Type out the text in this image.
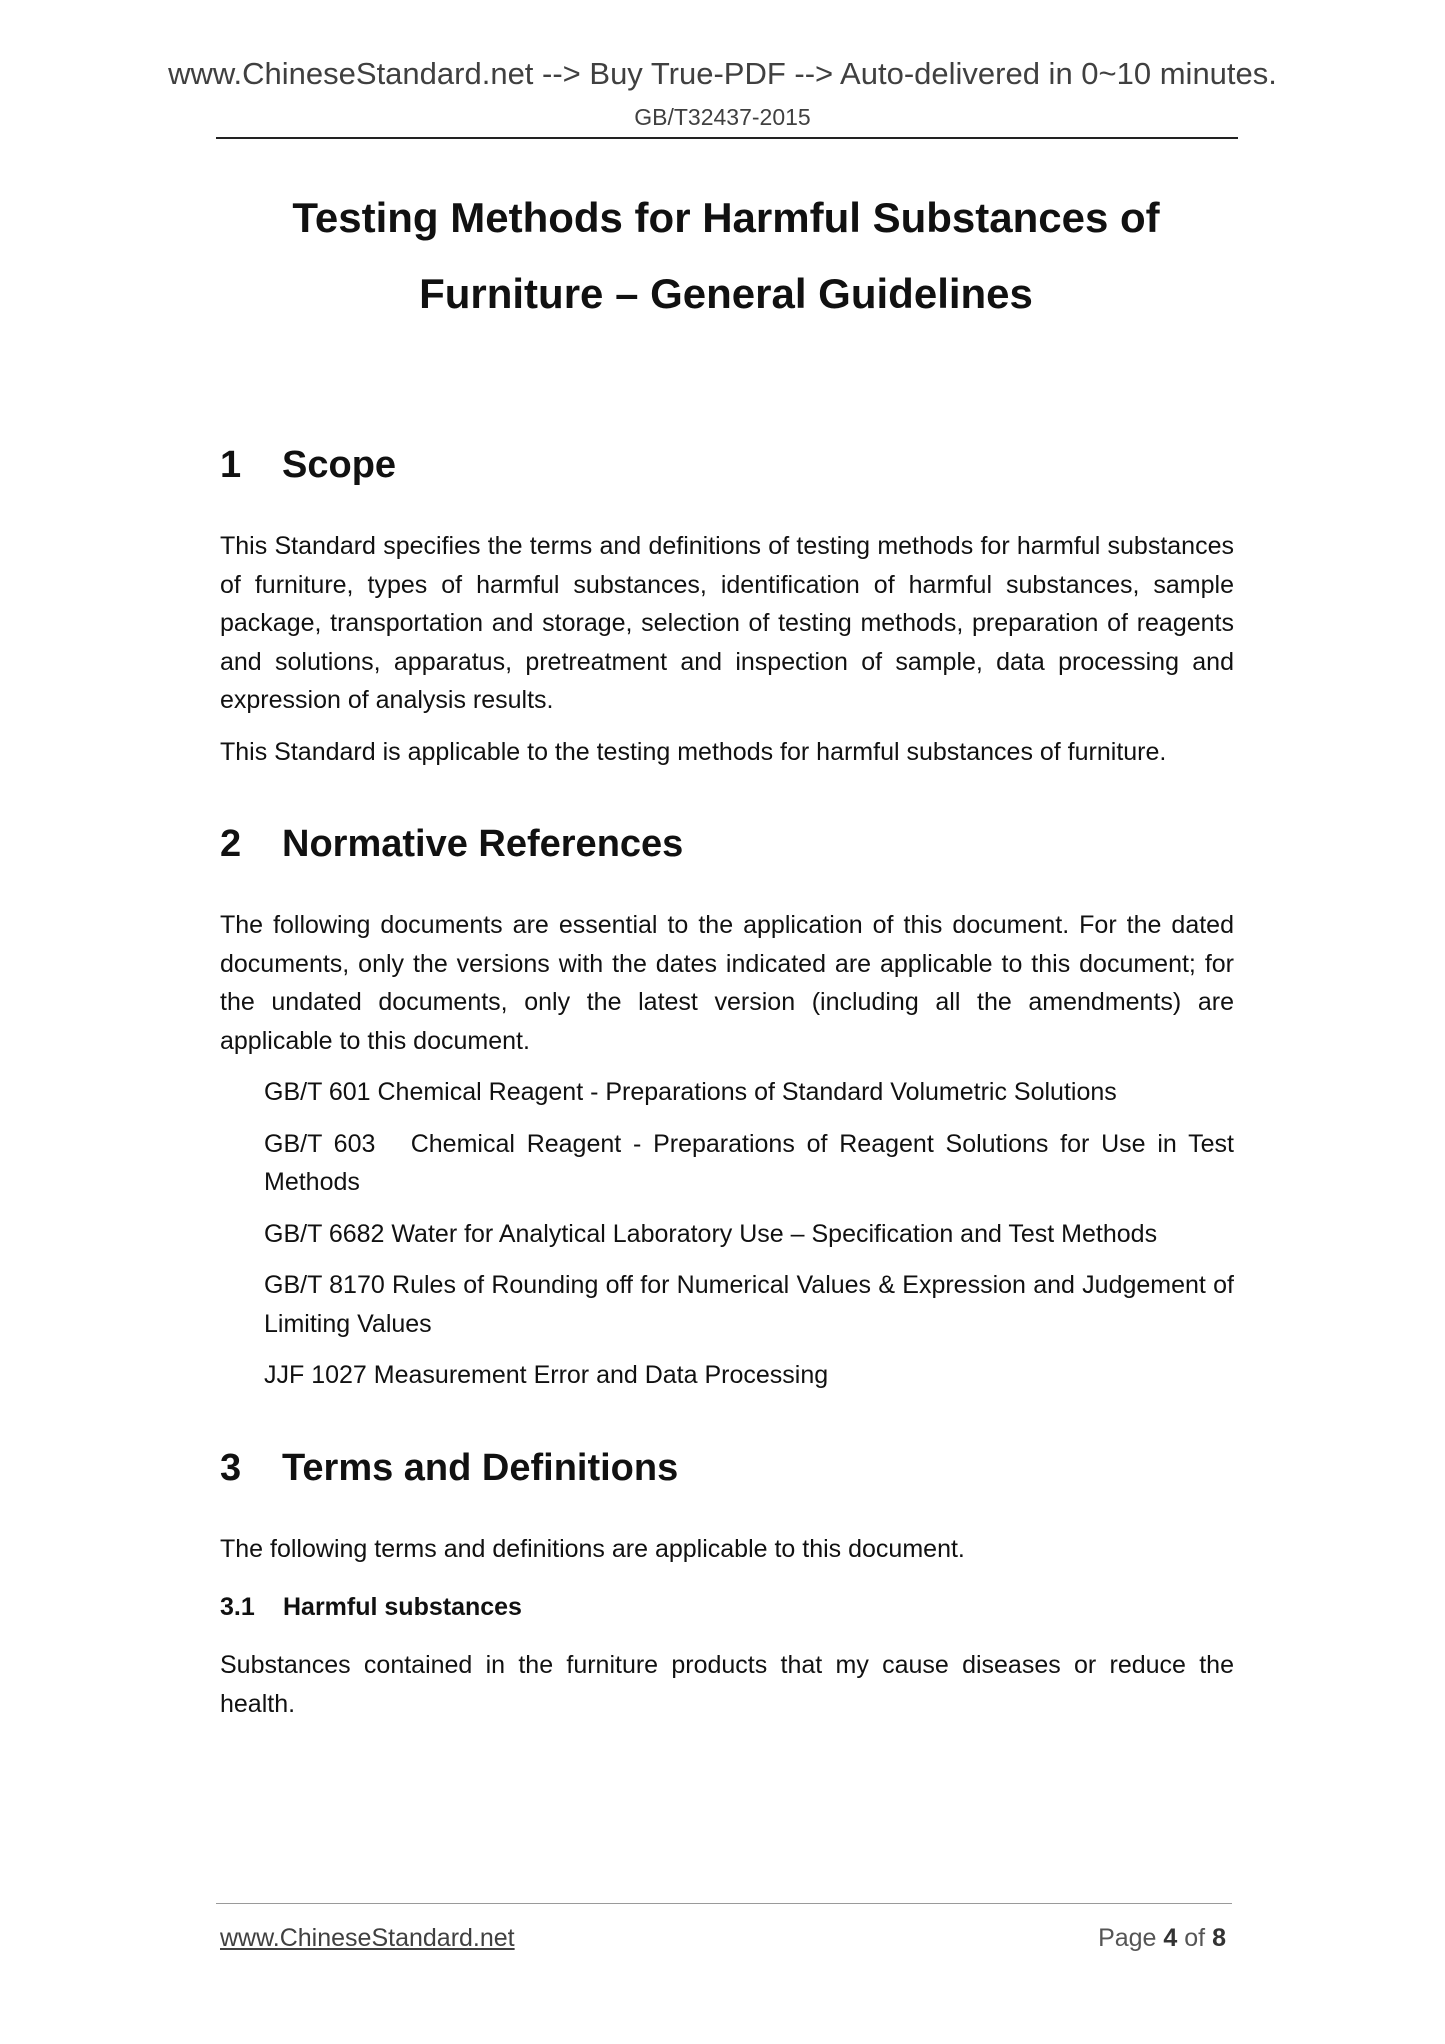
www.ChineseStandard.net --> Buy True-PDF --> Auto-delivered in 0~10 minutes.
GB/T32437-2015
Testing Methods for Harmful Substances of
Furniture – General Guidelines
1	Scope

This Standard specifies the terms and definitions of testing methods for harmful substances of furniture, types of harmful substances, identification of harmful substances, sample package, transportation and storage, selection of testing methods, preparation of reagents and solutions, apparatus, pretreatment and inspection of sample, data processing and expression of analysis results.

This Standard is applicable to the testing methods for harmful substances of furniture.

2	Normative References

The following documents are essential to the application of this document. For the dated documents, only the versions with the dates indicated are applicable to this document; for the undated documents, only the latest version (including all the amendments) are applicable to this document.

GB/T 601 Chemical Reagent - Preparations of Standard Volumetric Solutions

GB/T 603   Chemical Reagent - Preparations of Reagent Solutions for Use in Test Methods

GB/T 6682 Water for Analytical Laboratory Use – Specification and Test Methods

GB/T 8170 Rules of Rounding off for Numerical Values & Expression and Judgement of Limiting Values

JJF 1027 Measurement Error and Data Processing

3	Terms and Definitions

The following terms and definitions are applicable to this document.

3.1	Harmful substances

Substances contained in the furniture products that my cause diseases or reduce the health.

www.ChineseStandard.net	Page 4 of 8
